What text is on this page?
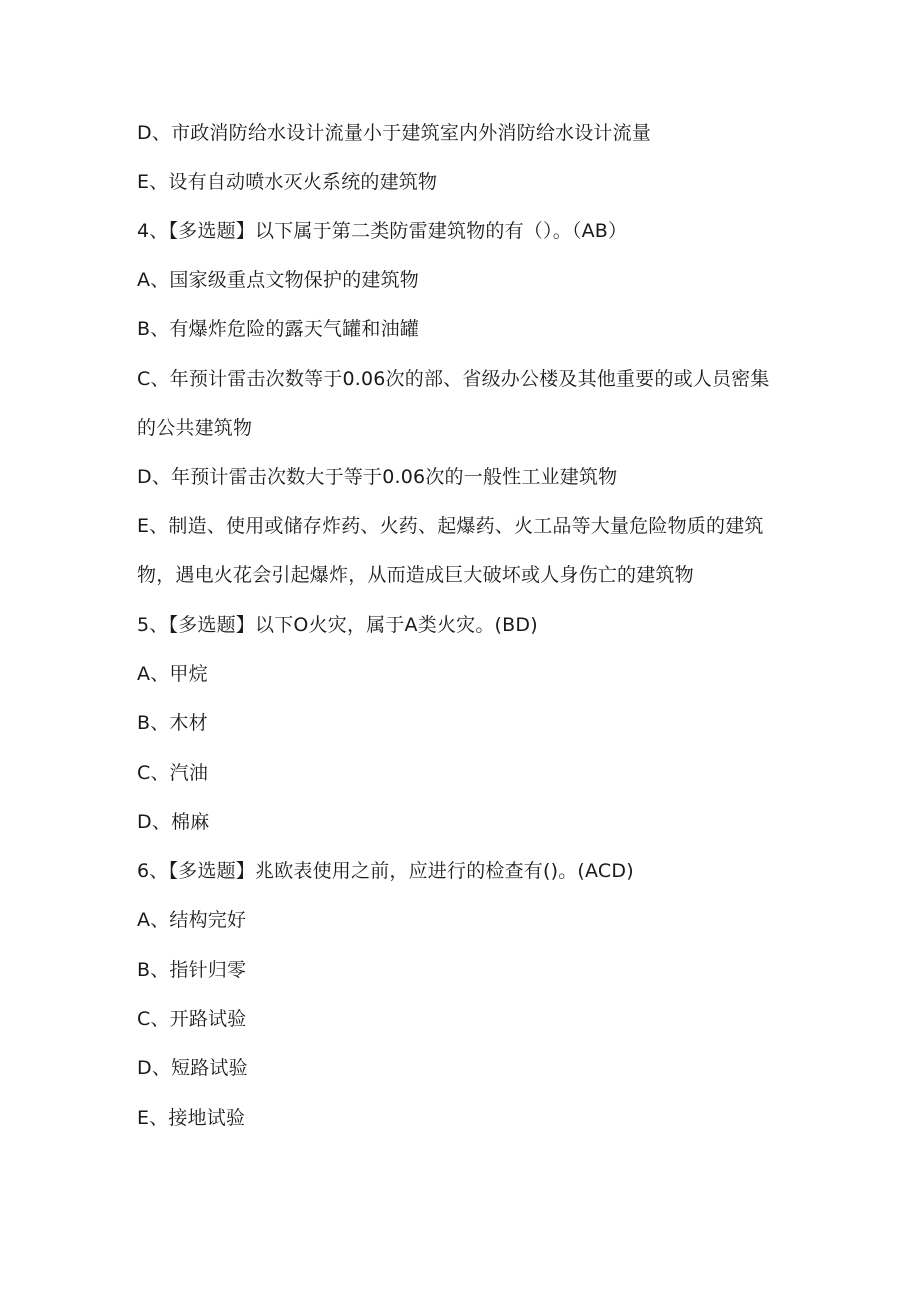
D、市政消防给水设计流量小于建筑室内外消防给水设计流量
E、设有自动喷水灭火系统的建筑物
4、【多选题】以下属于第二类防雷建筑物的有（）。（AB）
A、国家级重点文物保护的建筑物
B、有爆炸危险的露天气罐和油罐
C、年预计雷击次数等于0.06次的部、省级办公楼及其他重要的或人员密集
的公共建筑物
D、年预计雷击次数大于等于0.06次的一般性工业建筑物
E、制造、使用或储存炸药、火药、起爆药、火工品等大量危险物质的建筑
物，遇电火花会引起爆炸，从而造成巨大破坏或人身伤亡的建筑物
5、【多选题】以下O火灾，属于A类火灾。(BD)
A、甲烷
B、木材
C、汽油
D、棉麻
6、【多选题】兆欧表使用之前，应进行的检查有()。(ACD)
A、结构完好
B、指针归零
C、开路试验
D、短路试验
E、接地试验
